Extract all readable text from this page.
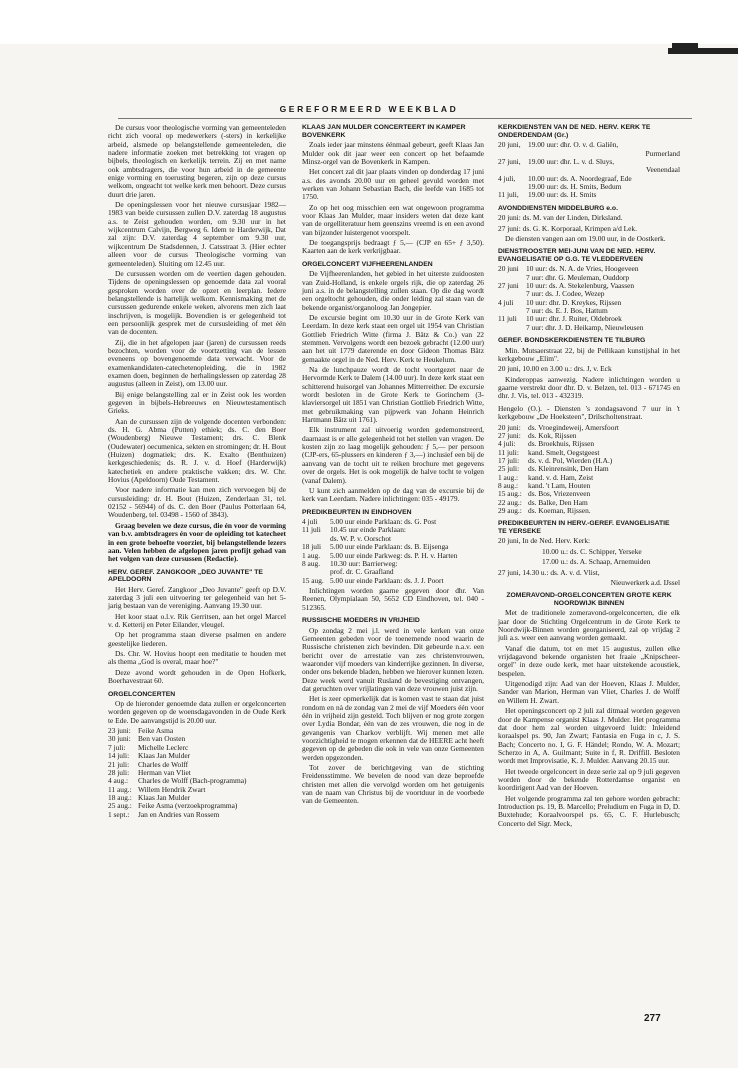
GEREFORMEERD WEEKBLAD

De cursus voor theologische vorming van gemeenteleden richt zich vooral op medewerkers (-sters) in kerkelijke arbeid, alsmede op belangstellende gemeenteleden, die nadere informatie zoeken met betrekking tot vragen op bijbels, theologisch en kerkelijk terrein. Zij en met name ook ambtsdragers, die voor hun arbeid in de gemeente enige vorming en toerusting begeren, zijn op deze cursus welkom, ongeacht tot welke kerk men behoort. Deze cursus duurt drie jaren.

De openingslessen voor het nieuwe cursusjaar 1982—1983 van beide cursussen zullen D.V. zaterdag 18 augustus a.s. te Zeist gehouden worden, om 9.30 uur in het wijkcentrum Calvijn, Bergweg 6. Idem te Harderwijk, Dat zal zijn: D.V. zaterdag 4 september om 9.30 uur, wijkcentrum De Stadsdennen, J. Catsstraat 3. (Hier echter alleen voor de cursus Theologische vorming van gemeenteleden). Sluiting om 12.45 uur.

De cursussen worden om de veertien dagen gehouden. Tijdens de openingslessen op genoemde data zal vooral gesproken worden over de opzet en leerplan. Iedere belangstellende is hartelijk welkom. Kennismaking met de cursussen gedurende enkele weken, alvorens men zich laat inschrijven, is mogelijk. Bovendien is er gelegenheid tot een persoonlijk gesprek met de cursusleiding of met één van de docenten.

Zij, die in het afgelopen jaar (jaren) de cursussen reeds bezochten, worden voor de voortzetting van de lessen eveneens op bovengenoemde data verwacht. Voor de examenkandidaten-catechetenopleiding, die in 1982 examen doen, beginnen de herhalingslessen op zaterdag 28 augustus (alleen in Zeist), om 13.00 uur.

Bij enige belangstelling zal er in Zeist ook les worden gegeven in bijbels-Hebreeuws en Nieuwtestamentisch Grieks.

Aan de cursussen zijn de volgende docenten verbonden: ds. H. G. Abma (Putten) ethiek; ds. C. den Boer (Woudenberg) Nieuwe Testament; drs. C. Blenk (Oudewater) oecumenica, sekten en stromingen; dr. H. Bout (Huizen) dogmatiek; drs. K. Exalto (Benthuizen) kerkgeschiedenis; ds. R. J. v. d. Hoef (Harderwijk) katechetiek en andere praktische vakken; drs. W. Chr. Hovius (Apeldoorn) Oude Testament.

Voor nadere informatie kan men zich vervoegen bij de cursusleiding: dr. H. Bout (Huizen, Zenderlaan 31, tel. 02152 - 56944) of ds. C. den Boer (Paulus Potterlaan 64, Woudenberg, tel. 03498 - 1560 of 3843).

Graag bevelen we deze cursus, die én voor de vorming van b.v. ambtsdragers én voor de opleiding tot katecheet in een grote behoefte voorziet, bij belangstellende lezers aan. Velen hebben de afgelopen jaren profijt gehad van het volgen van deze cursussen (Redactie).

HERV. GEREF. ZANGKOOR „DEO JUVANTE" TE APELDOORN

Het Herv. Geref. Zangkoor „Deo Juvante" geeft op D.V. zaterdag 3 juli een uitvoering ter gelegenheid van het 5-jarig bestaan van de vereniging. Aanvang 19.30 uur.

Het koor staat o.l.v. Rik Gerritsen, aan het orgel Marcel v. d. Ketterij en Peter Eilander, vleugel.

Op het programma staan diverse psalmen en andere geestelijke liederen.

Ds. Chr. W. Hovius hoopt een meditatie te houden met als thema „God is overal, maar hoe?"

Deze avond wordt gehouden in de Open Hofkerk, Boerhavestraat 60.

ORGELCONCERTEN

Op de hieronder genoemde data zullen er orgelconcerten worden gegeven op de woensdagavonden in de Oude Kerk te Ede. De aanvangstijd is 20.00 uur.

23 juni: Feike Asma
30 juni: Ben van Oosten
7 juli:	Michelle Leclerc
14 juli:	Klaas Jan Mulder
21 juli:	Charles de Wolff
28 juli:	Herman van Vliet
4 aug.:	Charles de Wolff (Bach-programma)
11 aug.: Willem Hendrik Zwart
18 aug.: Klaas Jan Mulder
25 aug.: Feike Asma (verzoekprogramma)
1 sept.:	Jan en Andries van Rossem
KLAAS JAN MULDER CONCERTEERT IN KAMPER BOVENKERK

Zoals ieder jaar minstens éénmaal gebeurt, geeft Klaas Jan Mulder ook dit jaar weer een concert op het befaamde Minsz-orgel van de Bovenkerk in Kampen.

Het concert zal dit jaar plaats vinden op donderdag 17 juni a.s. des avonds 20.00 uur en geheel gevuld worden met werken van Johann Sebastian Bach, die leefde van 1685 tot 1750.

Zo op het oog misschien een wat ongewoon programma voor Klaas Jan Mulder, maar insiders weten dat deze kant van de orgelliteratuur hem geenszins vreemd is en een avond van bijzonder luistergenot voorspelt.

De toegangsprijs bedraagt ƒ 5,— (CJP en 65+ ƒ 3,50). Kaarten aan de kerk verkrijgbaar.

ORGELCONCERT VIJFHEERENLANDEN

De Vijfheerenlanden, het gebied in het uiterste zuidoosten van Zuid-Holland, is enkele orgels rijk, die op zaterdag 26 juni a.s. in de belangstelling zullen staan. Op die dag wordt een orgeltocht gehouden, die onder leiding zal staan van de bekende organist/organoloog Jan Jongepier.

De excursie begint om 10.30 uur in de Grote Kerk van Leerdam. In deze kerk staat een orgel uit 1954 van Christian Gottlieb Friedrich Witte (firma J. Bätz & Co.) van 22 stemmen. Vervolgens wordt een bezoek gebracht (12.00 uur) aan het uit 1779 daterende en door Gideon Thomas Bätz gemaakte orgel in de Ned. Herv. Kerk te Heukelum.

Na de lunchpauze wordt de tocht voortgezet naar de Hervormde Kerk te Dalem (14.00 uur). In deze kerk staat een schitterend huisorgel van Johannes Mitterreither. De excursie wordt besloten in de Grote Kerk te Gorinchem (3-klaviersorgel uit 1851 van Christian Gottlieb Friedrich Witte, met gebruikmaking van pijpwerk van Johann Heinrich Hartmann Bätz uit 1761).

Elk instrument zal uitvoerig worden gedemonstreerd, daarnaast is er alle gelegenheid tot het stellen van vragen. De kosten zijn zo laag mogelijk gehouden: ƒ 5,— per persoon (CJP-ers, 65-plussers en kinderen ƒ 3,—) inclusief een bij de aanvang van de tocht uit te reiken brochure met gegevens over de orgels. Het is ook mogelijk de halve tocht te volgen (vanaf Dalem).

U kunt zich aanmelden op de dag van de excursie bij de kerk van Leerdam. Nadere inlichtingen: 035 - 49179.

PREDIKBEURTEN IN EINDHOVEN
4 juli	5.00 uur einde Parklaan: ds. G. Post
11 juli	10.45 uur einde Parklaan:
ds. W. P. v. Oorschot
18 juli	5.00 uur einde Parklaan: ds. B. Eijsenga
1 aug.	5.00 uur einde Parkweg: ds. P. H. v. Harten
8 aug.	10.30 uur: Barrierweg:
prof. dr. C. Graafland
15 aug. 5.00 uur einde Parklaan: ds. J. J. Poort

Inlichtingen worden gaarne gegeven door dhr. Van Reenen, Olympialaan 50, 5652 CD Eindhoven, tel. 040 - 512365.

RUSSISCHE MOEDERS IN VRIJHEID

Op zondag 2 mei j.l. werd in vele kerken van onze Gemeenten gebeden voor de toenemende nood waarin de Russische christenen zich bevinden. Dit gebeurde n.a.v. een bericht over de arrestatie van zes christenvrouwen, waaronder vijf moeders van kinderrijke gezinnen. In diverse, onder ons bekende bladen, hebben we hierover kunnen lezen. Deze week werd vanuit Rusland de bevestiging ontvangen, dat geruchten over vrijlatingen van deze vrouwen juist zijn.

Het is zeer opmerkelijk dat is komen vast te staan dat juist rondom en nà de zondag van 2 mei de vijf Moeders één voor één in vrijheid zijn gesteld. Toch blijven er nog grote zorgen over Lydia Bondar, één van de zes vrouwen, die nog in de gevangenis van Charkov verblijft. Wij menen met alle voorzichtigheid te mogen erkennen dat de HEERE acht heeft gegeven op de gebeden die ook in vele van onze Gemeenten werden opgezonden.

Tot zover de berichtgeving van de stichting Freidensstimme. We bevelen de nood van deze beproefde christen met allen die vervolgd worden om het getuigenis van de naam van Christus bij de voortduur in de voorbede van de Gemeenten.

KERKDIENSTEN VAN DE NED. HERV. KERK TE ONDERDENDAM (Gr.)
20 juni,	19.00 uur: dhr. O. v. d. Galiën,
Purmerland
27 juni,	19.00 uur: dhr. L. v. d. Sluys,
Veenendaal
4 juli,	10.00 uur: ds. A. Noordegraaf, Ede
19.00 uur: ds. H. Smits, Bedum
11 juli,	19.00 uur: ds. H. Smits
AVONDDIENSTEN MIDDELBURG e.o.

20 juni: ds. M. van der Linden, Dirksland.

27 juni: ds. G. K. Korporaal, Krimpen a/d Lek.

De diensten vangen aan om 19.00 uur, in de Oostkerk.

DIENSTROOSTER MEI-JUNI VAN DE NED. HERV. EVANGELISATIE OP G.G. TE VLEDDERVEEN
20 juni 10 uur: ds. N. A. de Vries, Hoogeveen
7 uur: dhr. G. Meuleman, Ouddorp
27 juni 10 uur: ds. A. Stekelenburg, Vaassen
7 uur: ds. J. Codee, Wezep
4 juli	10 uur: dhr. D. Kreykes, Rijssen
7 uur: ds. E. J. Bos, Hattum
11 juli	10 uur: dhr. J. Ruiter, Oldebroek
7 uur: dhr. J. D. Heikamp, Nieuwleusen
GEREF. BONDSKERKDIENSTEN TE TILBURG

Min. Mutsaerstraat 22, bij de Pellikaan kunstijshal in het kerkgebouw „Elim".

20 juni, 10.00 en 3.00 u.: drs. J, v. Eck

Kinderoppas aanwezig. Nadere inlichtingen worden u gaarne verstrekt door dhr. D. v. Belzen, tel. 013 - 671745 en dhr. J. Vis, tel. 013 - 432319.

Hengelo (O.). - Diensten 's zondagsavond 7 uur in 't kerkgebouw „De Hoeksteen", Drilscholtenstraat.

20 juni: ds. Vroegindeweij, Amersfoort
27 juni: ds. Kok, Rijssen
4 juli:	ds. Broekhuis, Rijssen
11 juli:	kand. Smelt, Oegstgeest
17 juli:	ds. v. d. Pol, Wierden (H.A.)
25 juli:	ds. Kleinrensink, Den Ham
1 aug.:	kand. v. d. Ham, Zeist
8 aug.:	kand. 't Lam, Houten
15 aug.: ds. Bos, Vriezenveen
22 aug.: ds. Balke, Den Ham
29 aug.: ds. Koeman, Rijssen.
PREDIKBEURTEN IN HERV.-GEREF. EVANGELISATIE TE YERSEKE

20 juni, In de Ned. Herv. Kerk:

10.00 u.: ds. C. Schipper, Yerseke

17.00 u.: ds. A. Schaap, Arnemuiden

27 juni, 14.30 u.: ds. A. v. d. Vlist,

Nieuwerkerk a.d. IJssel

ZOMERAVOND-ORGELCONCERTEN GROTE KERK NOORDWIJK BINNEN

Met de traditionele zomeravond-orgelconcerten, die elk jaar door de Stichting Orgelcentrum in de Grote Kerk te Noordwijk-Binnen worden georganiseerd, zal op vrijdag 2 juli a.s. weer een aanvang worden gemaakt.

Vanaf die datum, tot en met 15 augustus, zullen elke vrijdagavond bekende organisten het fraaie „Knipscheer-orgel" in deze oude kerk, met haar uitstekende acoustiek, bespelen.

Uitgenodigd zijn: Aad van der Hoeven, Klaas J. Mulder, Sander van Marion, Herman van Vliet, Charles J. de Wolff en Willem H. Zwart.

Het openingsconcert op 2 juli zal ditmaal worden gegeven door de Kampense organist Klaas J. Mulder. Het programma dat door hem zal worden uitgevoerd luidt: Inleidend koraalspel ps. 90, Jan Zwart; Fantasia en Fuga in c, J. S. Bach; Concerto no. I, G. F. Händel; Rondo, W. A. Mozart; Scherzo in A, A. Guilmant; Suite in f, R. Driffill. Besloten wordt met Improvisatie, K. J. Mulder. Aanvang 20.15 uur.

Het tweede orgelconcert in deze serie zal op 9 juli gegeven worden door de bekende Rotterdamse organist en koordirigent Aad van der Hoeven.

Het volgende programma zal ten gehore worden gebracht: Introduction ps. 19, B. Marcello; Preludium en Fuga in D, D. Buxtehude; Koraalvoorspel ps. 65, C. F. Hurlebusch; Concerto del Sigr. Meck,

277
